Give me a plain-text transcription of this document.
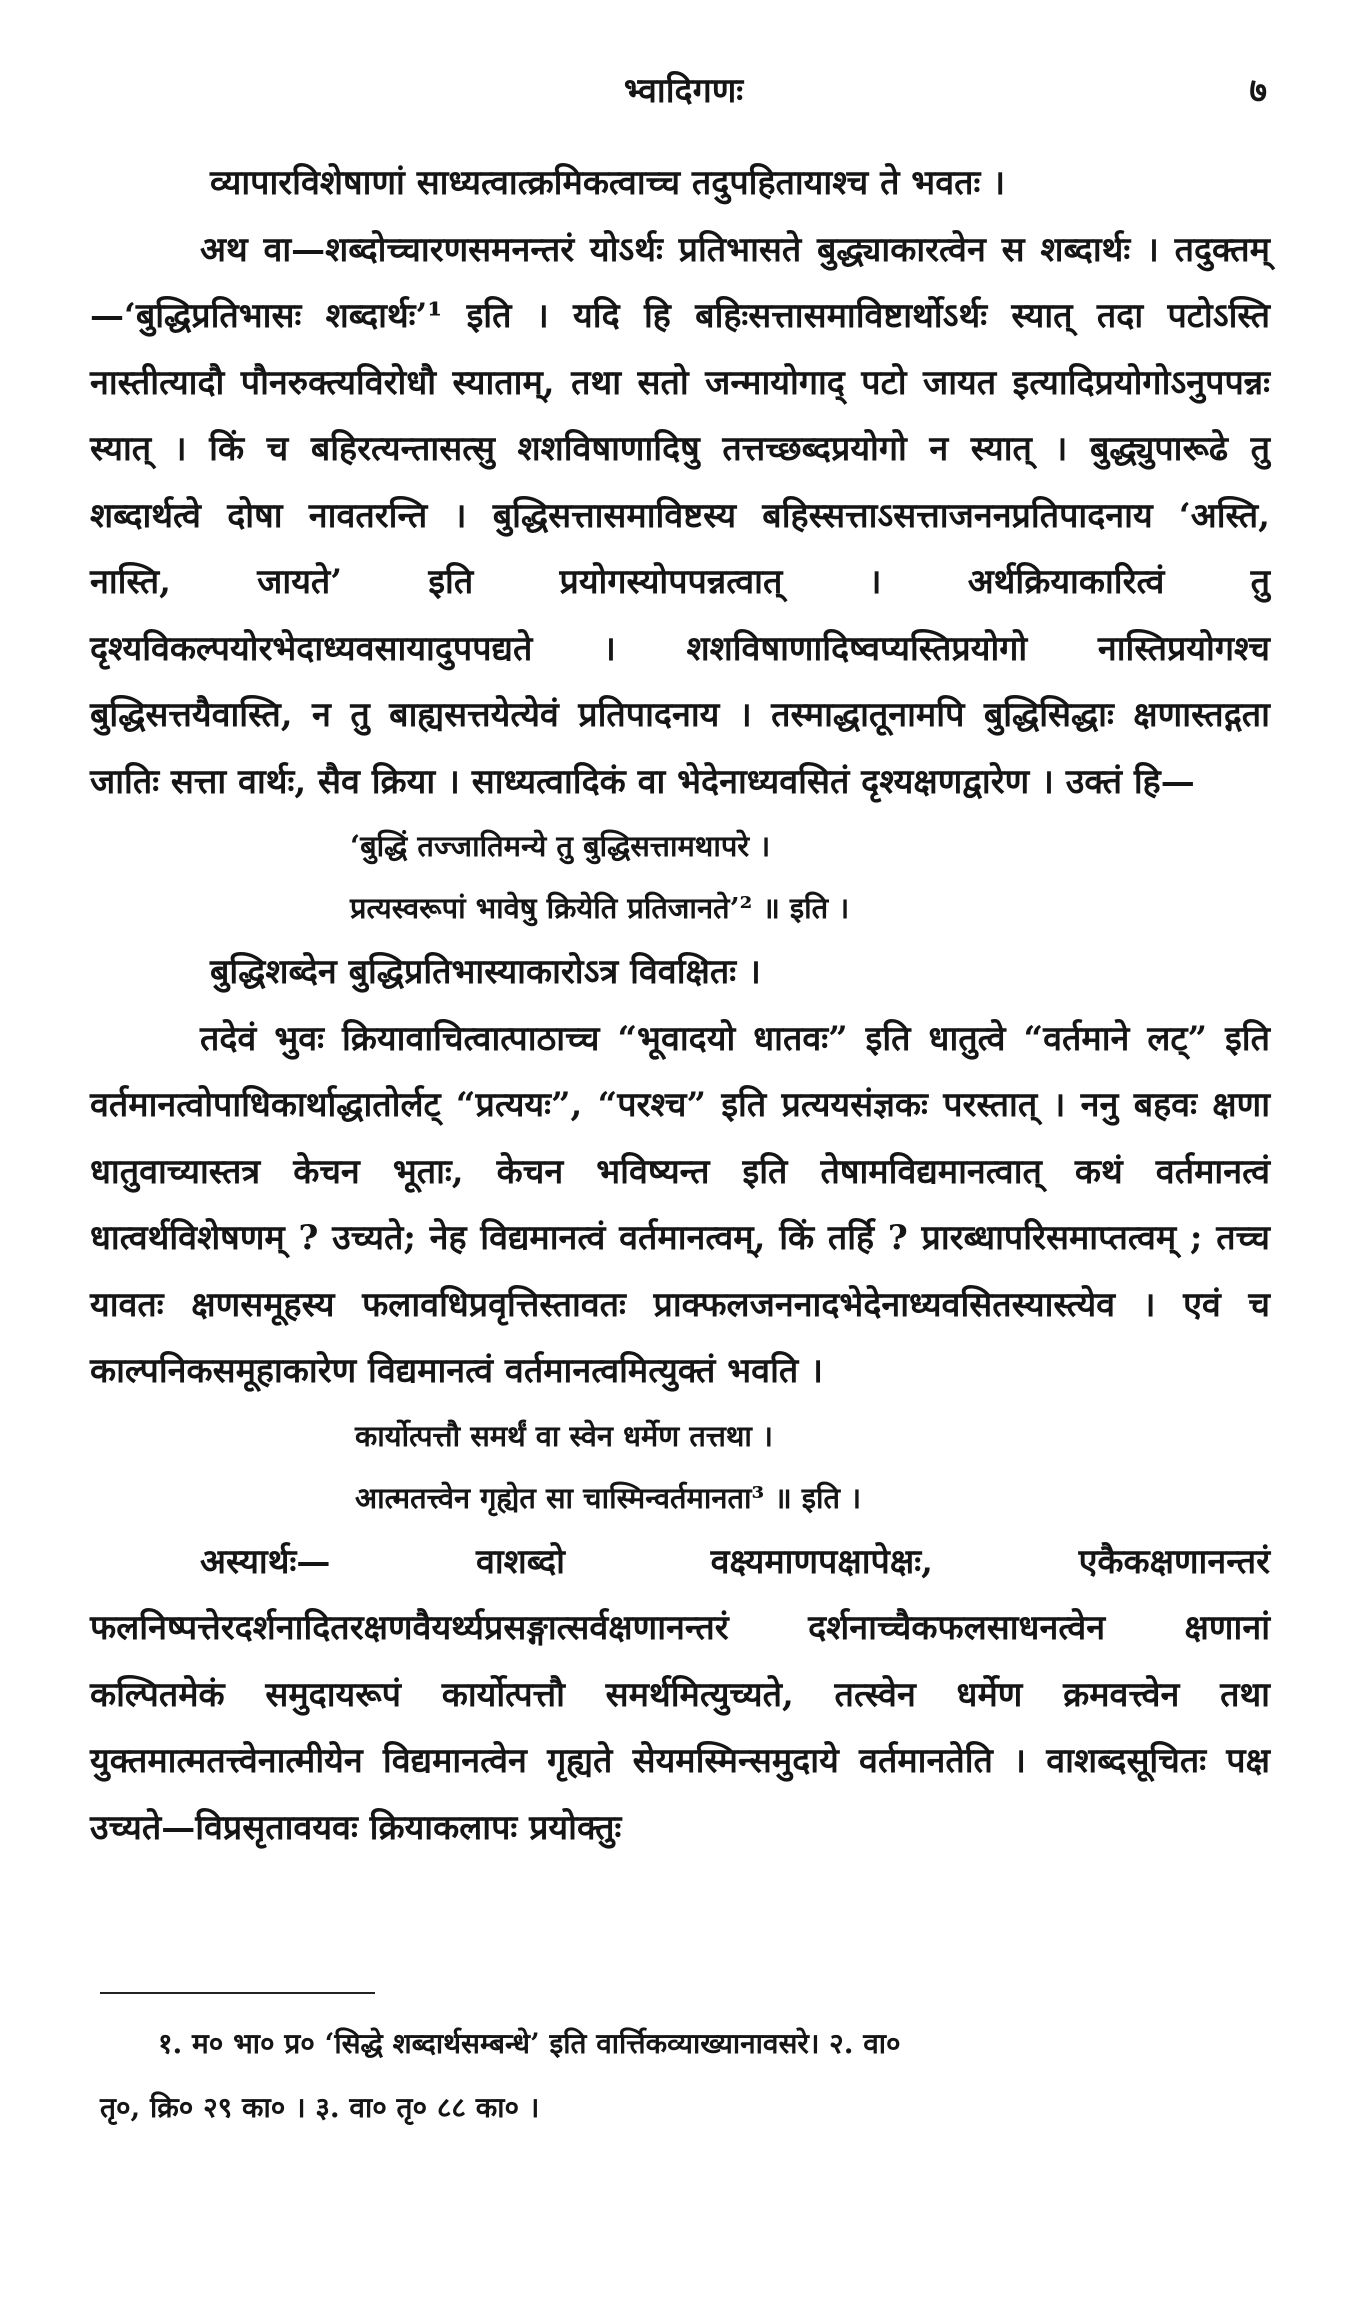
भ्वादिगणः	७

व्यापारविशेषाणां साध्यत्वात्क्रमिकत्वाच्च तदुपहितायाश्च ते भवतः ।

अथ वा—शब्दोच्चारणसमनन्तरं योऽर्थः प्रतिभासते बुद्ध्याकारत्वेन स शब्दार्थः । तदुक्तम्—‘बुद्धिप्रतिभासः शब्दार्थः’¹ इति । यदि हि बहिःसत्तासमाविष्टार्थोऽर्थः स्यात् तदा पटोऽस्ति नास्तीत्यादौ पौनरुक्त्यविरोधौ स्याताम्, तथा सतो जन्मायोगाद् पटो जायत इत्यादिप्रयोगोऽनुपपन्नः स्यात् । किं च बहिरत्यन्तासत्सु शशविषाणादिषु तत्तच्छब्दप्रयोगो न स्यात् । बुद्ध्युपारूढे तु शब्दार्थत्वे दोषा नावतरन्ति । बुद्धिसत्तासमाविष्टस्य बहिस्सत्ताऽसत्ताजननप्रतिपादनाय ‘अस्ति, नास्ति, जायते’ इति प्रयोगस्योपपन्नत्वात् । अर्थक्रियाकारित्वं तु दृश्यविकल्पयोरभेदाध्यवसायादुपपद्यते । शशविषाणादिष्वप्यस्तिप्रयोगो नास्तिप्रयोगश्च बुद्धिसत्तयैवास्ति, न तु बाह्यसत्तयेत्येवं प्रतिपादनाय । तस्माद्धातूनामपि बुद्धिसिद्धाः क्षणास्तद्गता जातिः सत्ता वार्थः, सैव क्रिया । साध्यत्वादिकं वा भेदेनाध्यवसितं दृश्यक्षणद्वारेण । उक्तं हि—

‘बुद्धिं तज्जातिमन्ये तु बुद्धिसत्तामथापरे ।

प्रत्यस्वरूपां भावेषु क्रियेति प्रतिजानते’² ॥ इति ।

बुद्धिशब्देन बुद्धिप्रतिभास्याकारोऽत्र विवक्षितः ।

तदेवं भुवः क्रियावाचित्वात्पाठाच्च “भूवादयो धातवः” इति धातुत्वे “वर्तमाने लट्” इति वर्तमानत्वोपाधिकार्थाद्धातोर्लट् “प्रत्ययः”, “परश्च” इति प्रत्ययसंज्ञकः परस्तात् । ननु बहवः क्षणा धातुवाच्यास्तत्र केचन भूताः, केचन भविष्यन्त इति तेषामविद्यमानत्वात् कथं वर्तमानत्वं धात्वर्थविशेषणम् ? उच्यते; नेह विद्यमानत्वं वर्तमानत्वम्, किं तर्हि ? प्रारब्धापरिसमाप्तत्वम् ; तच्च यावतः क्षणसमूहस्य फलावधिप्रवृत्तिस्तावतः प्राक्फलजननादभेदेनाध्यवसितस्यास्त्येव । एवं च काल्पनिकसमूहाकारेण विद्यमानत्वं वर्तमानत्वमित्युक्तं भवति ।

कार्योत्पत्तौ समर्थं वा स्वेन धर्मेण तत्तथा ।

आत्मतत्त्वेन गृह्येत सा चास्मिन्वर्तमानता³ ॥ इति ।

अस्यार्थः— वाशब्दो वक्ष्यमाणपक्षापेक्षः, एकैकक्षणानन्तरं फलनिष्पत्तेरदर्शनादितरक्षणवैयर्थ्यप्रसङ्गात्सर्वक्षणानन्तरं दर्शनाच्चैकफलसाधनत्वेन क्षणानां कल्पितमेकं समुदायरूपं कार्योत्पत्तौ समर्थमित्युच्यते, तत्स्वेन धर्मेण क्रमवत्त्वेन तथा युक्तमात्मतत्त्वेनात्मीयेन विद्यमानत्वेन गृह्यते सेयमस्मिन्समुदाये वर्तमानतेति । वाशब्दसूचितः पक्ष उच्यते—विप्रसृतावयवः क्रियाकलापः प्रयोक्तुः

१. म० भा० प्र० ‘सिद्धे शब्दार्थसम्बन्धे’ इति वार्त्तिकव्याख्यानावसरे। २. वा०

तृ०, क्रि० २९ का० । ३. वा० तृ० ८८ का० ।
